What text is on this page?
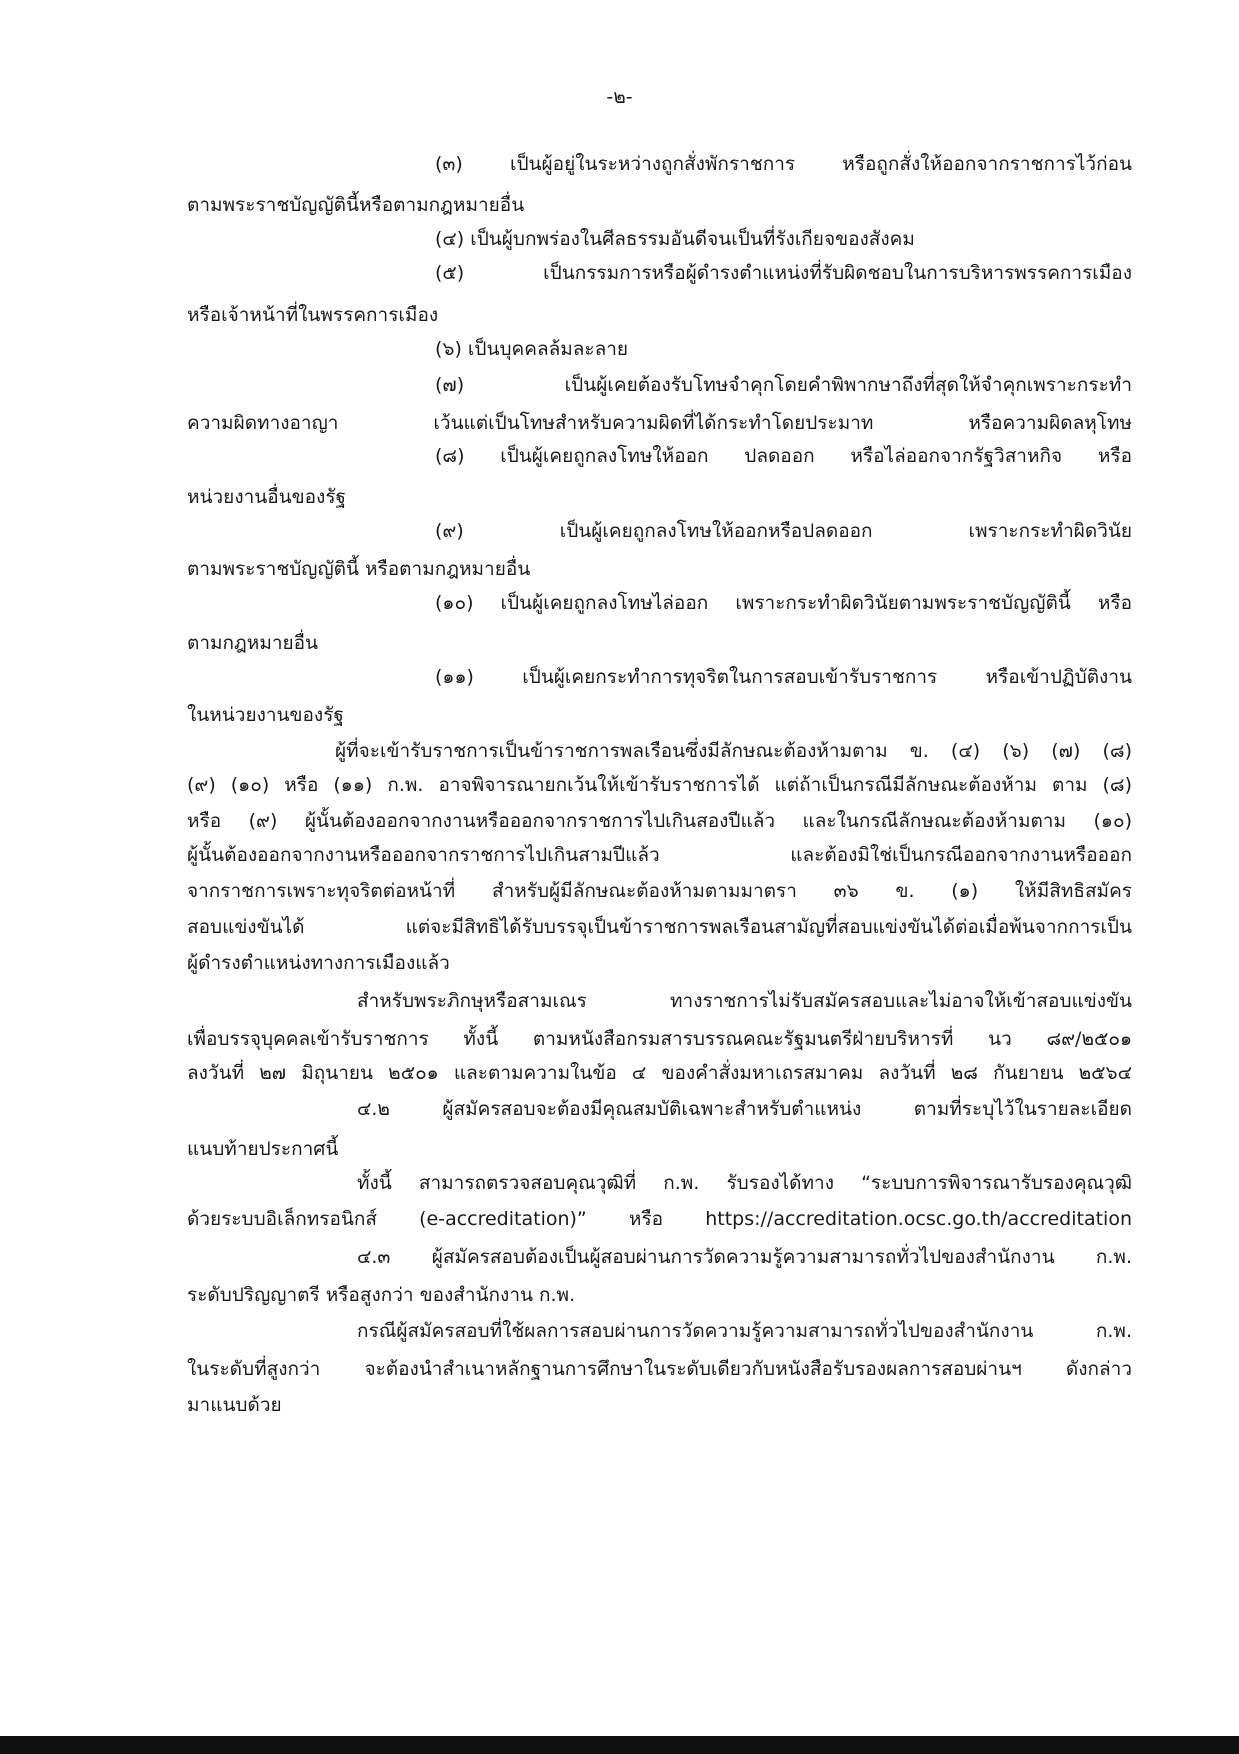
-๒-
(๓) เป็นผู้อยู่ในระหว่างถูกสั่งพักราชการ หรือถูกสั่งให้ออกจากราชการไว้ก่อน
ตามพระราชบัญญัตินี้หรือตามกฎหมายอื่น
(๔) เป็นผู้บกพร่องในศีลธรรมอันดีจนเป็นที่รังเกียจของสังคม
(๕) เป็นกรรมการหรือผู้ดำรงตำแหน่งที่รับผิดชอบในการบริหารพรรคการเมือง
หรือเจ้าหน้าที่ในพรรคการเมือง
(๖) เป็นบุคคลล้มละลาย
(๗) เป็นผู้เคยต้องรับโทษจำคุกโดยคำพิพากษาถึงที่สุดให้จำคุกเพราะกระทำ
ความผิดทางอาญา เว้นแต่เป็นโทษสำหรับความผิดที่ได้กระทำโดยประมาท หรือความผิดลหุโทษ
(๘) เป็นผู้เคยถูกลงโทษให้ออก ปลดออก หรือไล่ออกจากรัฐวิสาหกิจ หรือ
หน่วยงานอื่นของรัฐ
(๙) เป็นผู้เคยถูกลงโทษให้ออกหรือปลดออก เพราะกระทำผิดวินัย
ตามพระราชบัญญัตินี้ หรือตามกฎหมายอื่น
(๑๐) เป็นผู้เคยถูกลงโทษไล่ออก เพราะกระทำผิดวินัยตามพระราชบัญญัตินี้ หรือ
ตามกฎหมายอื่น
(๑๑) เป็นผู้เคยกระทำการทุจริตในการสอบเข้ารับราชการ หรือเข้าปฏิบัติงาน
ในหน่วยงานของรัฐ
ผู้ที่จะเข้ารับราชการเป็นข้าราชการพลเรือนซึ่งมีลักษณะต้องห้ามตาม ข. (๔) (๖) (๗) (๘)
(๙) (๑๐) หรือ (๑๑) ก.พ. อาจพิจารณายกเว้นให้เข้ารับราชการได้ แต่ถ้าเป็นกรณีมีลักษณะต้องห้าม ตาม (๘)
หรือ (๙) ผู้นั้นต้องออกจากงานหรือออกจากราชการไปเกินสองปีแล้ว และในกรณีลักษณะต้องห้ามตาม (๑๐)
ผู้นั้นต้องออกจากงานหรือออกจากราชการไปเกินสามปีแล้ว และต้องมิใช่เป็นกรณีออกจากงานหรือออก
จากราชการเพราะทุจริตต่อหน้าที่ สำหรับผู้มีลักษณะต้องห้ามตามมาตรา ๓๖ ข. (๑) ให้มีสิทธิสมัคร
สอบแข่งขันได้ แต่จะมีสิทธิได้รับบรรจุเป็นข้าราชการพลเรือนสามัญที่สอบแข่งขันได้ต่อเมื่อพ้นจากการเป็น
ผู้ดำรงตำแหน่งทางการเมืองแล้ว
สำหรับพระภิกษุหรือสามเณร ทางราชการไม่รับสมัครสอบและไม่อาจให้เข้าสอบแข่งขัน
เพื่อบรรจุบุคคลเข้ารับราชการ ทั้งนี้ ตามหนังสือกรมสารบรรณคณะรัฐมนตรีฝ่ายบริหารที่ นว ๘๙/๒๕๐๑
ลงวันที่ ๒๗ มิถุนายน ๒๕๐๑ และตามความในข้อ ๔ ของคำสั่งมหาเถรสมาคม ลงวันที่ ๒๘ กันยายน ๒๕๖๔
๔.๒ ผู้สมัครสอบจะต้องมีคุณสมบัติเฉพาะสำหรับตำแหน่ง ตามที่ระบุไว้ในรายละเอียด
แนบท้ายประกาศนี้
ทั้งนี้ สามารถตรวจสอบคุณวุฒิที่ ก.พ. รับรองได้ทาง “ระบบการพิจารณารับรองคุณวุฒิ
ด้วยระบบอิเล็กทรอนิกส์ (e-accreditation)” หรือ https://accreditation.ocsc.go.th/accreditation
๔.๓ ผู้สมัครสอบต้องเป็นผู้สอบผ่านการวัดความรู้ความสามารถทั่วไปของสำนักงาน ก.พ.
ระดับปริญญาตรี หรือสูงกว่า ของสำนักงาน ก.พ.
กรณีผู้สมัครสอบที่ใช้ผลการสอบผ่านการวัดความรู้ความสามารถทั่วไปของสำนักงาน ก.พ.
ในระดับที่สูงกว่า จะต้องนำสำเนาหลักฐานการศึกษาในระดับเดียวกับหนังสือรับรองผลการสอบผ่านฯ ดังกล่าว
มาแนบด้วย
